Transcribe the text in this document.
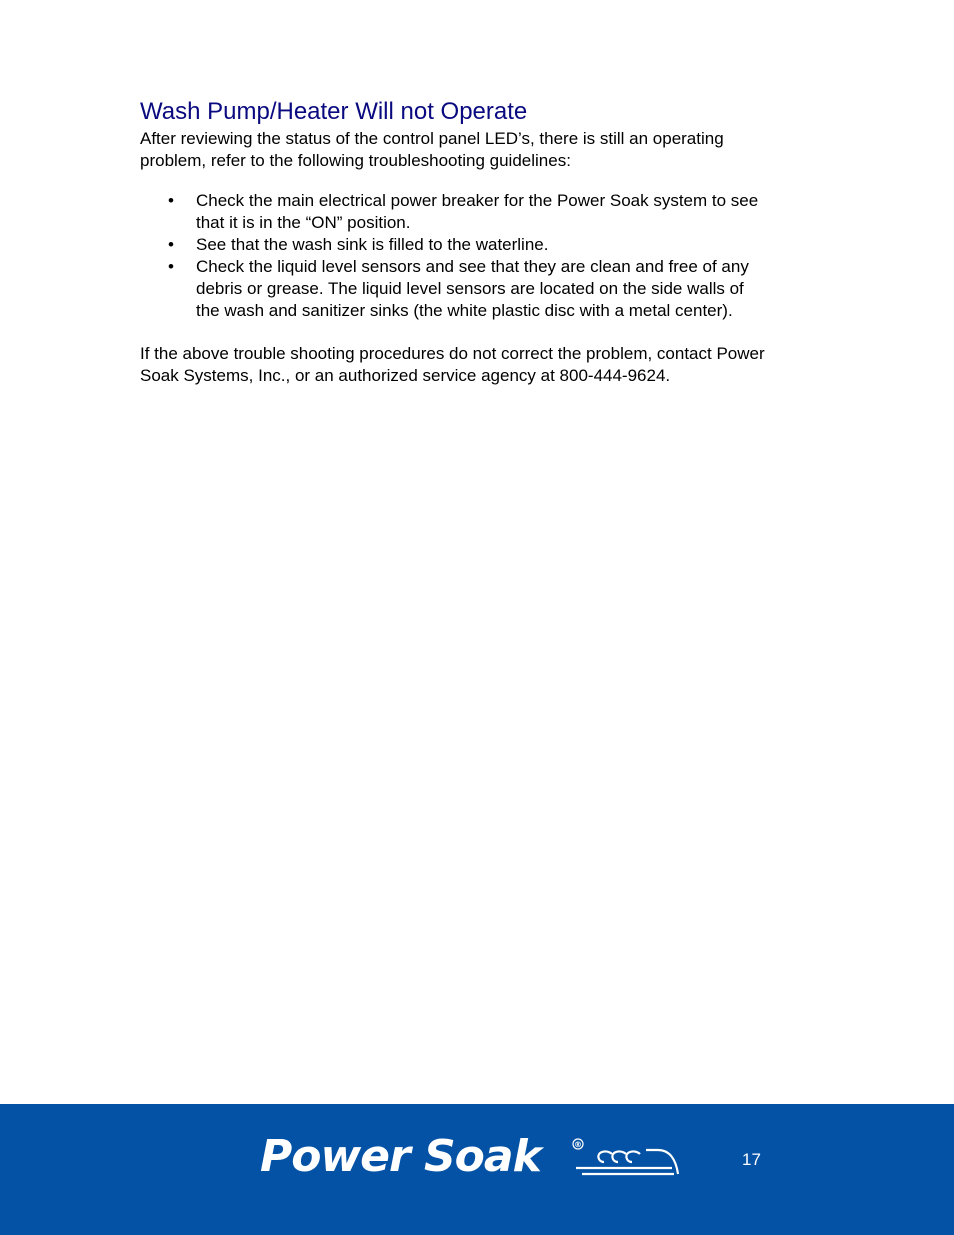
Wash Pump/Heater Will not Operate

After reviewing the status of the control panel LED’s, there is still an operating problem, refer to the following troubleshooting guidelines:

• Check the main electrical power breaker for the Power Soak system to see that it is in the “ON” position.
• See that the wash sink is filled to the waterline.
• Check the liquid level sensors and see that they are clean and free of any debris or grease. The liquid level sensors are located on the side walls of the wash and sanitizer sinks (the white plastic disc with a metal center).

If the above trouble shooting procedures do not correct the problem, contact Power Soak Systems, Inc., or an authorized service agency at 800-444-9624.

Power Soak	®
17
